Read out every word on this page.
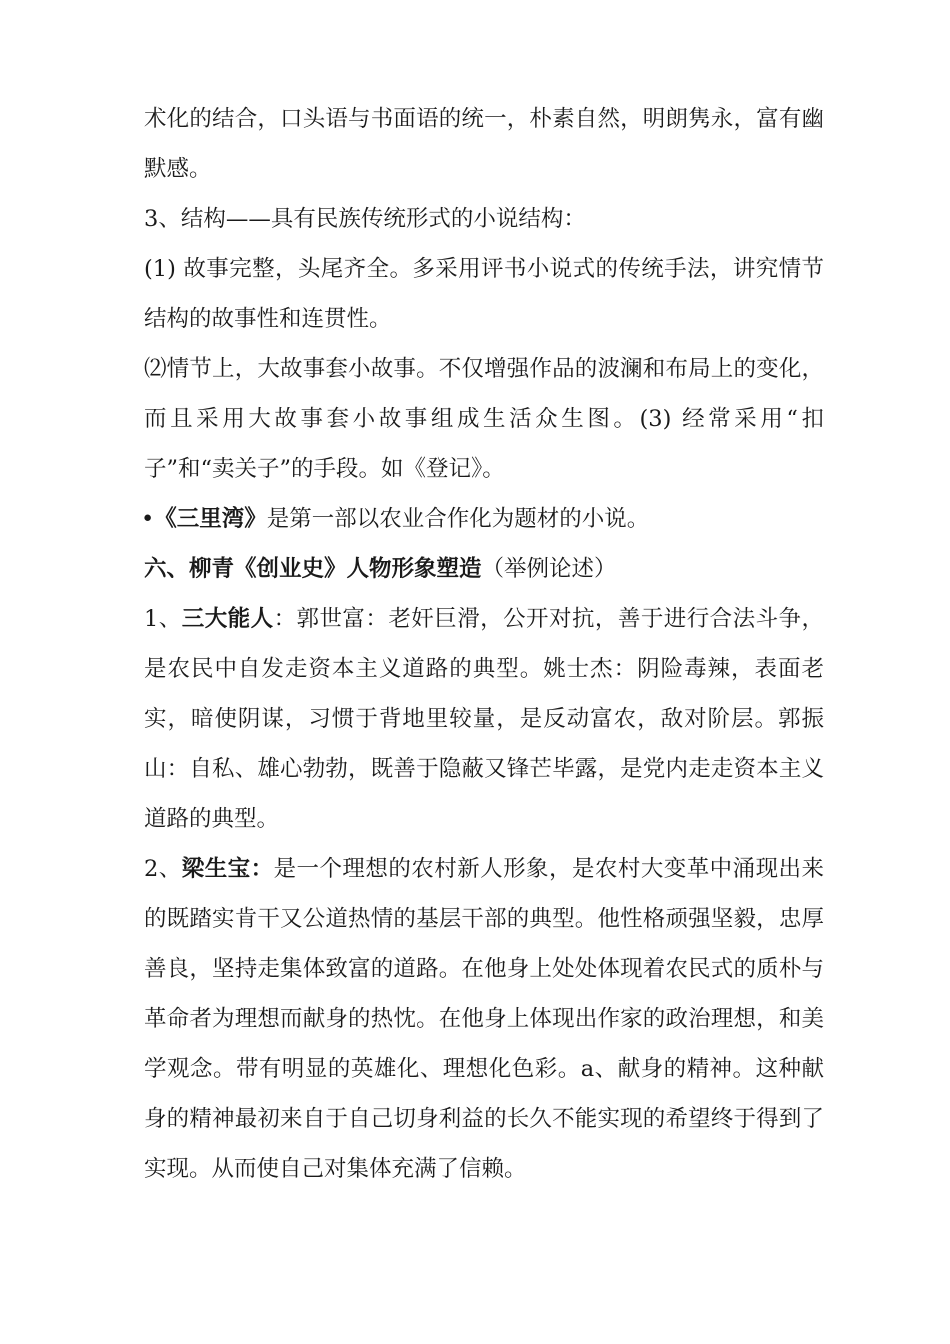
术化的结合，口头语与书面语的统一，朴素自然，明朗隽永，富有幽默感。

3、结构——具有民族传统形式的小说结构：

(1) 故事完整，头尾齐全。多采用评书小说式的传统手法，讲究情节结构的故事性和连贯性。

⑵情节上，大故事套小故事。不仅增强作品的波澜和布局上的变化，而且采用大故事套小故事组成生活众生图。(3) 经常采用“扣子”和“卖关子”的手段。如《登记》。

•《三里湾》是第一部以农业合作化为题材的小说。

六、柳青《创业史》人物形象塑造（举例论述）

1、三大能人：郭世富：老奸巨滑，公开对抗，善于进行合法斗争，是农民中自发走资本主义道路的典型。姚士杰：阴险毒辣，表面老实，暗使阴谋，习惯于背地里较量，是反动富农，敌对阶层。郭振山：自私、雄心勃勃，既善于隐蔽又锋芒毕露，是党内走走资本主义道路的典型。

2、梁生宝：是一个理想的农村新人形象，是农村大变革中涌现出来的既踏实肯干又公道热情的基层干部的典型。他性格顽强坚毅，忠厚善良，坚持走集体致富的道路。在他身上处处体现着农民式的质朴与革命者为理想而献身的热忱。在他身上体现出作家的政治理想，和美学观念。带有明显的英雄化、理想化色彩。a、献身的精神。这种献身的精神最初来自于自己切身利益的长久不能实现的希望终于得到了实现。从而使自己对集体充满了信赖。
